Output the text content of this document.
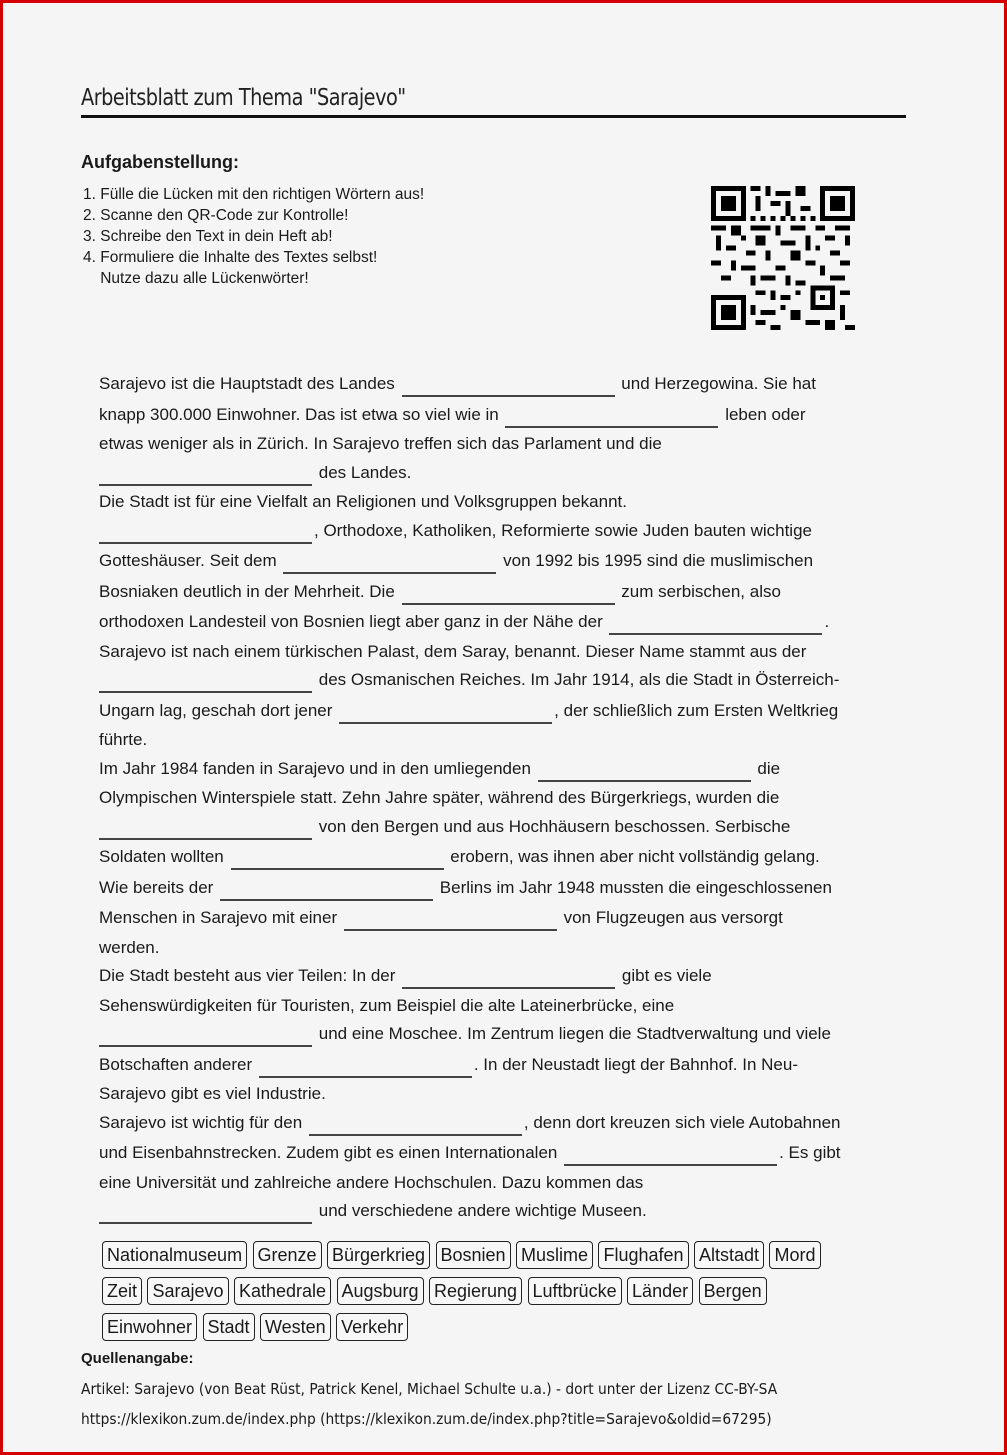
Arbeitsblatt zum Thema "Sarajevo"
Aufgabenstellung:
1. Fülle die Lücken mit den richtigen Wörtern aus!
2. Scanne den QR-Code zur Kontrolle!
3. Schreibe den Text in dein Heft ab!
4. Formuliere die Inhalte des Textes selbst!
Nutze dazu alle Lückenwörter!
Sarajevo ist die Hauptstadt des Landes	und Herzegowina. Sie hat
knapp 300.000 Einwohner. Das ist etwa so viel wie in	leben oder
etwas weniger als in Zürich. In Sarajevo treffen sich das Parlament und die
des Landes.
Die Stadt ist für eine Vielfalt an Religionen und Volksgruppen bekannt.
, Orthodoxe, Katholiken, Reformierte sowie Juden bauten wichtige
Gotteshäuser. Seit dem	von 1992 bis 1995 sind die muslimischen
Bosniaken deutlich in der Mehrheit. Die	zum serbischen, also
orthodoxen Landesteil von Bosnien liegt aber ganz in der Nähe der	.
Sarajevo ist nach einem türkischen Palast, dem Saray, benannt. Dieser Name stammt aus der
des Osmanischen Reiches. Im Jahr 1914, als die Stadt in Österreich-
Ungarn lag, geschah dort jener	, der schließlich zum Ersten Weltkrieg
führte.
Im Jahr 1984 fanden in Sarajevo und in den umliegenden	die
Olympischen Winterspiele statt. Zehn Jahre später, während des Bürgerkriegs, wurden die
von den Bergen und aus Hochhäusern beschossen. Serbische
Soldaten wollten	erobern, was ihnen aber nicht vollständig gelang.
Wie bereits der	Berlins im Jahr 1948 mussten die eingeschlossenen
Menschen in Sarajevo mit einer	von Flugzeugen aus versorgt
werden.
Die Stadt besteht aus vier Teilen: In der	gibt es viele
Sehenswürdigkeiten für Touristen, zum Beispiel die alte Lateinerbrücke, eine
und eine Moschee. Im Zentrum liegen die Stadtverwaltung und viele
Botschaften anderer	. In der Neustadt liegt der Bahnhof. In Neu-
Sarajevo gibt es viel Industrie.
Sarajevo ist wichtig für den	, denn dort kreuzen sich viele Autobahnen
und Eisenbahnstrecken. Zudem gibt es einen Internationalen	. Es gibt
eine Universität und zahlreiche andere Hochschulen. Dazu kommen das
und verschiedene andere wichtige Museen.
Nationalmuseum Grenze Bürgerkrieg Bosnien Muslime Flughafen Altstadt Mord
Zeit Sarajevo Kathedrale Augsburg Regierung Luftbrücke Länder Bergen
Einwohner Stadt Westen Verkehr
Quellenangabe:
Artikel: Sarajevo (von Beat Rüst, Patrick Kenel, Michael Schulte u.a.) - dort unter der Lizenz CC-BY-SA
https://klexikon.zum.de/index.php (https://klexikon.zum.de/index.php?title=Sarajevo&oldid=67295)
